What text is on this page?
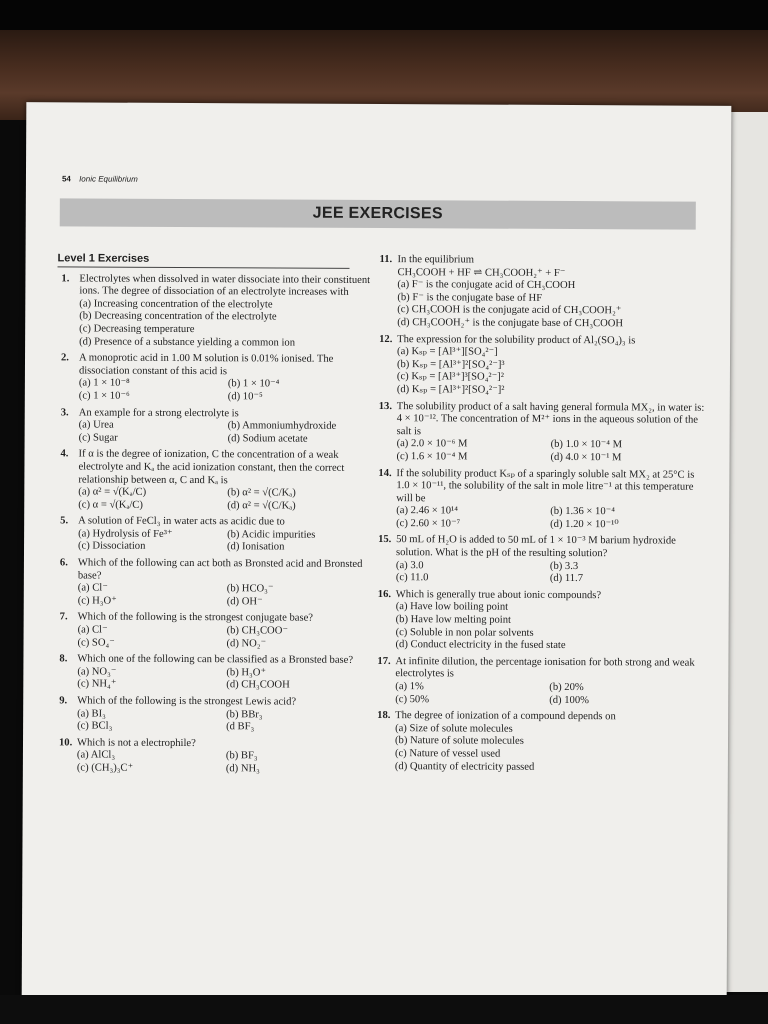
54 Ionic Equilibrium
JEE EXERCISES
Level 1 Exercises
1. Electrolytes when dissolved in water dissociate into their constituent ions. The degree of dissociation of an electrolyte increases with
(a) Increasing concentration of the electrolyte
(b) Decreasing concentration of the electrolyte
(c) Decreasing temperature
(d) Presence of a substance yielding a common ion
2. A monoprotic acid in 1.00 M solution is 0.01% ionised. The dissociation constant of this acid is
(a) 1 × 10⁻⁸	(b) 1 × 10⁻⁴
(c) 1 × 10⁻⁶	(d) 10⁻⁵
3. An example for a strong electrolyte is
(a) Urea	(b) Ammoniumhydroxide
(c) Sugar	(d) Sodium acetate
4. If α is the degree of ionization, C the concentration of a weak electrolyte and Kₐ the acid ionization constant, then the correct relationship between α, C and Kₐ is
(a) α² = √(Kₐ/C)	(b) α² = √(C/Kₐ)
(c) α = √(Kₐ/C)	(d) α² = √(C/Kₐ)
5. A solution of FeCl₃ in water acts as acidic due to
(a) Hydrolysis of Fe³⁺	(b) Acidic impurities
(c) Dissociation	(d) Ionisation
6. Which of the following can act both as Bronsted acid and Bronsted base?
(a) Cl⁻	(b) HCO₃⁻
(c) H₃O⁺	(d) OH⁻
7. Which of the following is the strongest conjugate base?
(a) Cl⁻	(b) CH₃COO⁻
(c) SO₄⁻	(d) NO₂⁻
8. Which one of the following can be classified as a Bronsted base?
(a) NO₃⁻	(b) H₃O⁺
(c) NH₄⁺	(d) CH₃COOH
9. Which of the following is the strongest Lewis acid?
(a) BI₃	(b) BBr₃
(c) BCl₃	(d BF₃
10. Which is not a electrophile?
(a) AlCl₃	(b) BF₃
(c) (CH₃)₃C⁺	(d) NH₃
11. In the equilibrium
CH₃COOH + HF ⇌ CH₃COOH₂⁺ + F⁻
(a) F⁻ is the conjugate acid of CH₃COOH
(b) F⁻ is the conjugate base of HF
(c) CH₃COOH is the conjugate acid of CH₃COOH₂⁺
(d) CH₃COOH₂⁺ is the conjugate base of CH₃COOH
12. The expression for the solubility product of Al₂(SO₄)₃ is
(a) Kₛₚ = [Al³⁺][SO₄²⁻]
(b) Kₛₚ = [Al³⁺]²[SO₄²⁻]³
(c) Kₛₚ = [Al³⁺]³[SO₄²⁻]²
(d) Kₛₚ = [Al³⁺]²[SO₄²⁻]²
13. The solubility product of a salt having general formula MX₂, in water is: 4 × 10⁻¹². The concentration of M²⁺ ions in the aqueous solution of the salt is
(a) 2.0 × 10⁻⁶ M	(b) 1.0 × 10⁻⁴ M
(c) 1.6 × 10⁻⁴ M	(d) 4.0 × 10⁻¹ M
14. If the solubility product Kₛₚ of a sparingly soluble salt MX₂ at 25°C is 1.0 × 10⁻¹¹, the solubility of the salt in mole litre⁻¹ at this temperature will be
(a) 2.46 × 10¹⁴	(b) 1.36 × 10⁻⁴
(c) 2.60 × 10⁻⁷	(d) 1.20 × 10⁻¹⁰
15. 50 mL of H₂O is added to 50 mL of 1 × 10⁻³ M barium hydroxide solution. What is the pH of the resulting solution?
(a) 3.0	(b) 3.3
(c) 11.0	(d) 11.7
16. Which is generally true about ionic compounds?
(a) Have low boiling point
(b) Have low melting point
(c) Soluble in non polar solvents
(d) Conduct electricity in the fused state
17. At infinite dilution, the percentage ionisation for both strong and weak electrolytes is
(a) 1%	(b) 20%
(c) 50%	(d) 100%
18. The degree of ionization of a compound depends on
(a) Size of solute molecules
(b) Nature of solute molecules
(c) Nature of vessel used
(d) Quantity of electricity passed
